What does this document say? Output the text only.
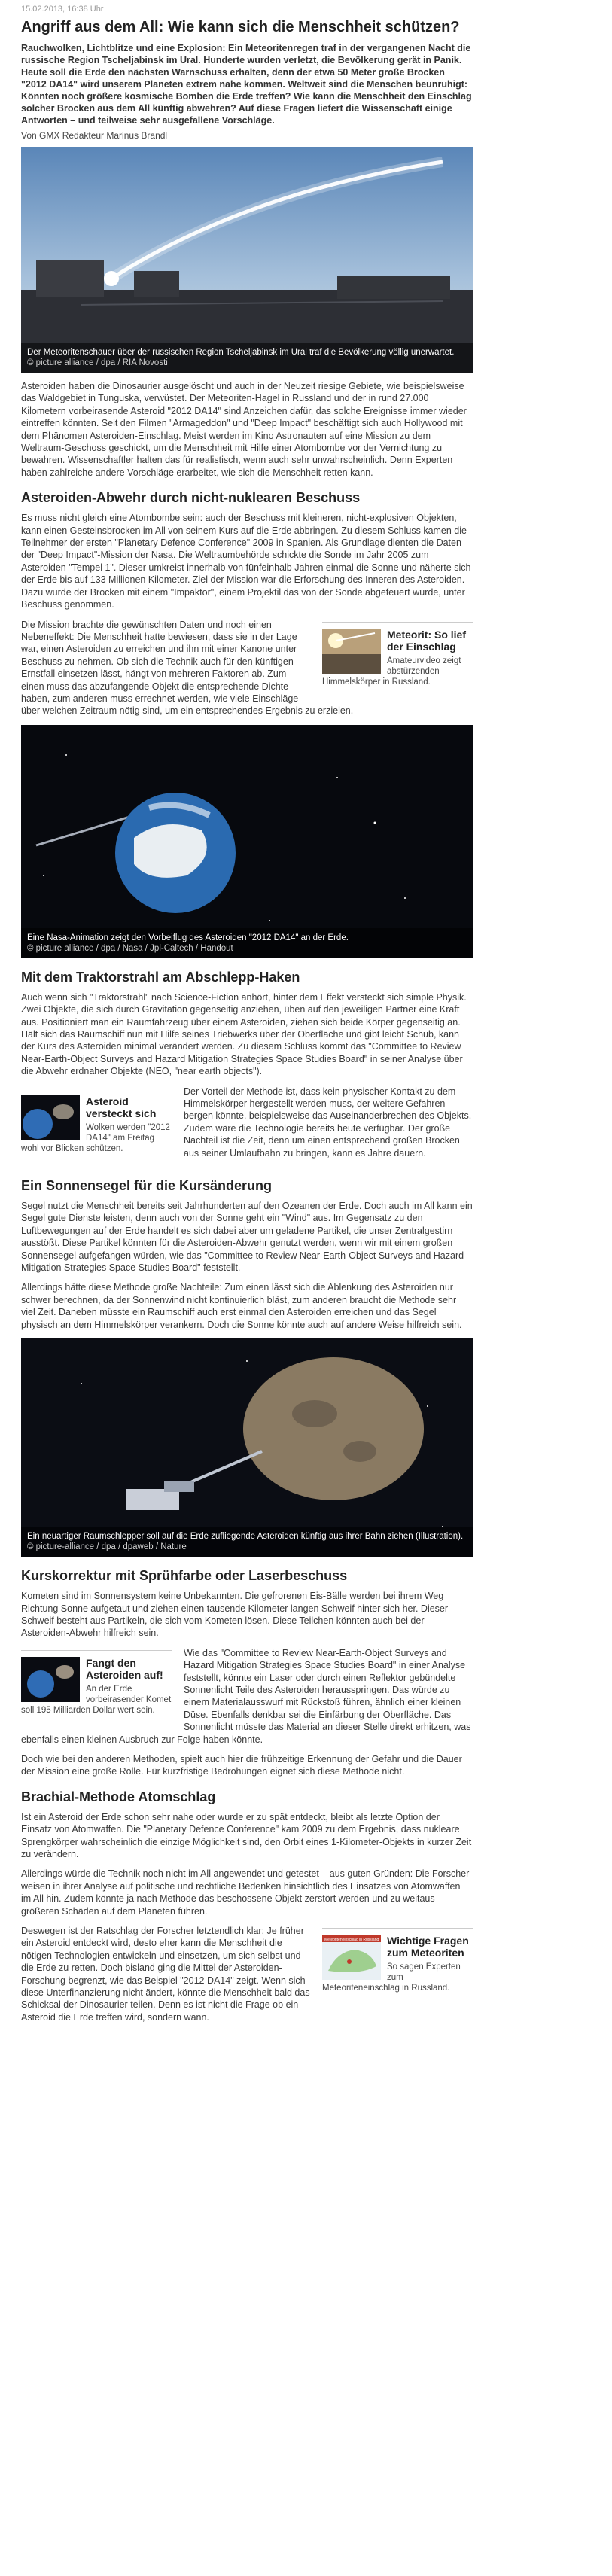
15.02.2013, 16:38 Uhr
Angriff aus dem All: Wie kann sich die Menschheit schützen?
Rauchwolken, Lichtblitze und eine Explosion: Ein Meteoritenregen traf in der vergangenen Nacht die russische Region Tscheljabinsk im Ural. Hunderte wurden verletzt, die Bevölkerung gerät in Panik. Heute soll die Erde den nächsten Warnschuss erhalten, denn der etwa 50 Meter große Brocken "2012 DA14" wird unserem Planeten extrem nahe kommen. Weltweit sind die Menschen beunruhigt: Könnten noch größere kosmische Bomben die Erde treffen? Wie kann die Menschheit den Einschlag solcher Brocken aus dem All künftig abwehren? Auf diese Fragen liefert die Wissenschaft einige Antworten – und teilweise sehr ausgefallene Vorschläge.
Von GMX Redakteur Marinus Brandl
Der Meteoritenschauer über der russischen Region Tscheljabinsk im Ural traf die Bevölkerung völlig unerwartet.
© picture alliance / dpa / RIA Novosti

Asteroiden haben die Dinosaurier ausgelöscht und auch in der Neuzeit riesige Gebiete, wie beispielsweise das Waldgebiet in Tunguska, verwüstet. Der Meteoriten-Hagel in Russland und der in rund 27.000 Kilometern vorbeirasende Asteroid "2012 DA14" sind Anzeichen dafür, das solche Ereignisse immer wieder eintreffen könnten. Seit den Filmen "Armageddon" und "Deep Impact" beschäftigt sich auch Hollywood mit dem Phänomen Asteroiden-Einschlag. Meist werden im Kino Astronauten auf eine Mission zu dem Weltraum-Geschoss geschickt, um die Menschheit mit Hilfe einer Atombombe vor der Vernichtung zu bewahren. Wissenschaftler halten das für realistisch, wenn auch sehr unwahrscheinlich. Denn Experten haben zahlreiche andere Vorschläge erarbeitet, wie sich die Menschheit retten kann.

Asteroiden-Abwehr durch nicht-nuklearen Beschuss

Es muss nicht gleich eine Atombombe sein: auch der Beschuss mit kleineren, nicht-explosiven Objekten, kann einen Gesteinsbrocken im All von seinem Kurs auf die Erde abbringen. Zu diesem Schluss kamen die Teilnehmer der ersten "Planetary Defence Conference" 2009 in Spanien. Als Grundlage dienten die Daten der "Deep Impact"-Mission der Nasa. Die Weltraumbehörde schickte die Sonde im Jahr 2005 zum Asteroiden "Tempel 1". Dieser umkreist innerhalb von fünfeinhalb Jahren einmal die Sonne und näherte sich der Erde bis auf 133 Millionen Kilometer. Ziel der Mission war die Erforschung des Inneren des Asteroiden. Dazu wurde der Brocken mit einem "Impaktor", einem Projektil das von der Sonde abgefeuert wurde, unter Beschuss genommen.

Meteorit: So lief der Einschlag
Amateurvideo zeigt abstürzenden Himmelskörper in Russland.

Die Mission brachte die gewünschten Daten und noch einen Nebeneffekt: Die Menschheit hatte bewiesen, dass sie in der Lage war, einen Asteroiden zu erreichen und ihn mit einer Kanone unter Beschuss zu nehmen. Ob sich die Technik auch für den künftigen Ernstfall einsetzen lässt, hängt von mehreren Faktoren ab. Zum einen muss das abzufangende Objekt die entsprechende Dichte haben, zum anderen muss errechnet werden, wie viele Einschläge über welchen Zeitraum nötig sind, um ein entsprechendes Ergebnis zu erzielen.

Eine Nasa-Animation zeigt den Vorbeiflug des Asteroiden "2012 DA14" an der Erde.
© picture alliance / dpa / Nasa / Jpl-Caltech / Handout
Mit dem Traktorstrahl am Abschlepp-Haken

Auch wenn sich "Traktorstrahl" nach Science-Fiction anhört, hinter dem Effekt versteckt sich simple Physik. Zwei Objekte, die sich durch Gravitation gegenseitig anziehen, üben auf den jeweiligen Partner eine Kraft aus. Positioniert man ein Raumfahrzeug über einem Asteroiden, ziehen sich beide Körper gegenseitig an. Hält sich das Raumschiff nun mit Hilfe seines Triebwerks über der Oberfläche und gibt leicht Schub, kann der Kurs des Asteroiden minimal verändert werden. Zu diesem Schluss kommt das "Committee to Review Near-Earth-Object Surveys and Hazard Mitigation Strategies Space Studies Board" in seiner Analyse über die Abwehr erdnaher Objekte (NEO, "near earth objects").

Asteroid versteckt sich
Wolken werden "2012 DA14" am Freitag wohl vor Blicken schützen.

Der Vorteil der Methode ist, dass kein physischer Kontakt zu dem Himmelskörper hergestellt werden muss, der weitere Gefahren bergen könnte, beispielsweise das Auseinanderbrechen des Objekts. Zudem wäre die Technologie bereits heute verfügbar. Der große Nachteil ist die Zeit, denn um einen entsprechend großen Brocken aus seiner Umlaufbahn zu bringen, kann es Jahre dauern.

Ein Sonnensegel für die Kursänderung

Segel nutzt die Menschheit bereits seit Jahrhunderten auf den Ozeanen der Erde. Doch auch im All kann ein Segel gute Dienste leisten, denn auch von der Sonne geht ein "Wind" aus. Im Gegensatz zu den Luftbewegungen auf der Erde handelt es sich dabei aber um geladene Partikel, die unser Zentralgestirn ausstößt. Diese Partikel könnten für die Asteroiden-Abwehr genutzt werden, wenn wir mit einem großen Sonnensegel aufgefangen würden, wie das "Committee to Review Near-Earth-Object Surveys and Hazard Mitigation Strategies Space Studies Board" feststellt.

Allerdings hätte diese Methode große Nachteile: Zum einen lässt sich die Ablenkung des Asteroiden nur schwer berechnen, da der Sonnenwind nicht kontinuierlich bläst, zum anderen braucht die Methode sehr viel Zeit. Daneben müsste ein Raumschiff auch erst einmal den Asteroiden erreichen und das Segel physisch an dem Himmelskörper verankern. Doch die Sonne könnte auch auf andere Weise hilfreich sein.

Ein neuartiger Raumschlepper soll auf die Erde zufliegende Asteroiden künftig aus ihrer Bahn ziehen (Illustration).
© picture-alliance / dpa / dpaweb / Nature
Kurskorrektur mit Sprühfarbe oder Laserbeschuss

Kometen sind im Sonnensystem keine Unbekannten. Die gefrorenen Eis-Bälle werden bei ihrem Weg Richtung Sonne aufgetaut und ziehen einen tausende Kilometer langen Schweif hinter sich her. Dieser Schweif besteht aus Partikeln, die sich vom Kometen lösen. Diese Teilchen könnten auch bei der Asteroiden-Abwehr hilfreich sein.

Fangt den Asteroiden auf!
An der Erde vorbeirasender Komet soll 195 Milliarden Dollar wert sein.

Wie das "Committee to Review Near-Earth-Object Surveys and Hazard Mitigation Strategies Space Studies Board" in einer Analyse feststellt, könnte ein Laser oder durch einen Reflektor gebündelte Sonnenlicht Teile des Asteroiden herausspringen. Das würde zu einem Materialausswurf mit Rückstoß führen, ähnlich einer kleinen Düse. Ebenfalls denkbar sei die Einfärbung der Oberfläche. Das Sonnenlicht müsste das Material an dieser Stelle direkt erhitzen, was ebenfalls einen kleinen Ausbruch zur Folge haben könnte.

Doch wie bei den anderen Methoden, spielt auch hier die frühzeitige Erkennung der Gefahr und die Dauer der Mission eine große Rolle. Für kurzfristige Bedrohungen eignet sich diese Methode nicht.

Brachial-Methode Atomschlag

Ist ein Asteroid der Erde schon sehr nahe oder wurde er zu spät entdeckt, bleibt als letzte Option der Einsatz von Atomwaffen. Die "Planetary Defence Conference" kam 2009 zu dem Ergebnis, dass nukleare Sprengkörper wahrscheinlich die einzige Möglichkeit sind, den Orbit eines 1-Kilometer-Objekts in kurzer Zeit zu verändern.

Allerdings würde die Technik noch nicht im All angewendet und getestet – aus guten Gründen: Die Forscher weisen in ihrer Analyse auf politische und rechtliche Bedenken hinsichtlich des Einsatzes von Atomwaffen im All hin. Zudem könnte ja nach Methode das beschossene Objekt zerstört werden und zu weitaus größeren Schäden auf dem Planeten führen.

Meteoriteneinschlag in Russland Wichtige Fragen zum Meteoriten
So sagen Experten zum Meteoriteneinschlag in Russland.

Deswegen ist der Ratschlag der Forscher letztendlich klar: Je früher ein Asteroid entdeckt wird, desto eher kann die Menschheit die nötigen Technologien entwickeln und einsetzen, um sich selbst und die Erde zu retten. Doch bisland ging die Mittel der Asteroiden-Forschung begrenzt, wie das Beispiel "2012 DA14" zeigt. Wenn sich diese Unterfinanzierung nicht ändert, könnte die Menschheit bald das Schicksal der Dinosaurier teilen. Denn es ist nicht die Frage ob ein Asteroid die Erde treffen wird, sondern wann.
